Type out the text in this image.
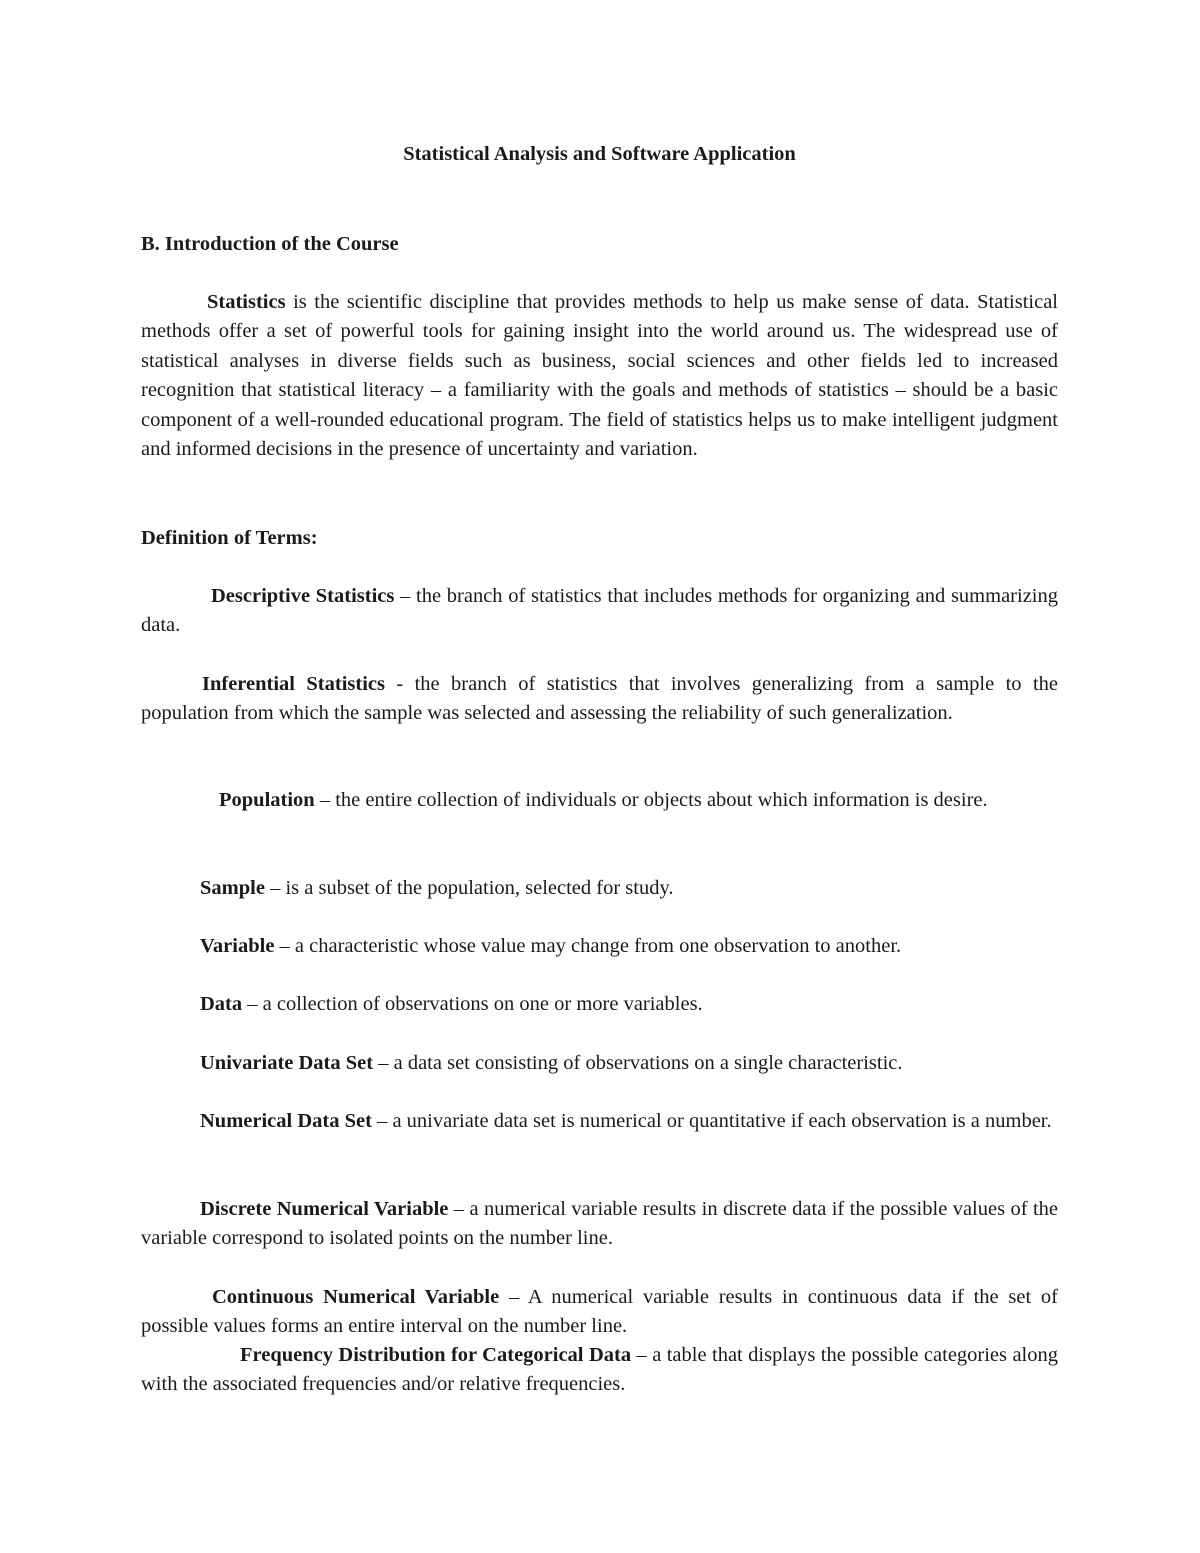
Statistical Analysis and Software Application

B. Introduction of the Course

Statistics is the scientific discipline that provides methods to help us make sense of data. Statistical methods offer a set of powerful tools for gaining insight into the world around us. The widespread use of statistical analyses in diverse fields such as business, social sciences and other fields led to increased recognition that statistical literacy – a familiarity with the goals and methods of statistics – should be a basic component of a well-rounded educational program. The field of statistics helps us to make intelligent judgment and informed decisions in the presence of uncertainty and variation.

Definition of Terms:

Descriptive Statistics – the branch of statistics that includes methods for organizing and summarizing data.

Inferential Statistics - the branch of statistics that involves generalizing from a sample to the population from which the sample was selected and assessing the reliability of such generalization.

Population – the entire collection of individuals or objects about which information is desire.

Sample – is a subset of the population, selected for study.

Variable – a characteristic whose value may change from one observation to another.

Data – a collection of observations on one or more variables.

Univariate Data Set – a data set consisting of observations on a single characteristic.

Numerical Data Set – a univariate data set is numerical or quantitative if each observation is a number.

Discrete Numerical Variable – a numerical variable results in discrete data if the possible values of the variable correspond to isolated points on the number line.

Continuous Numerical Variable – A numerical variable results in continuous data if the set of possible values forms an entire interval on the number line.

Frequency Distribution for Categorical Data – a table that displays the possible categories along with the associated frequencies and/or relative frequencies.
